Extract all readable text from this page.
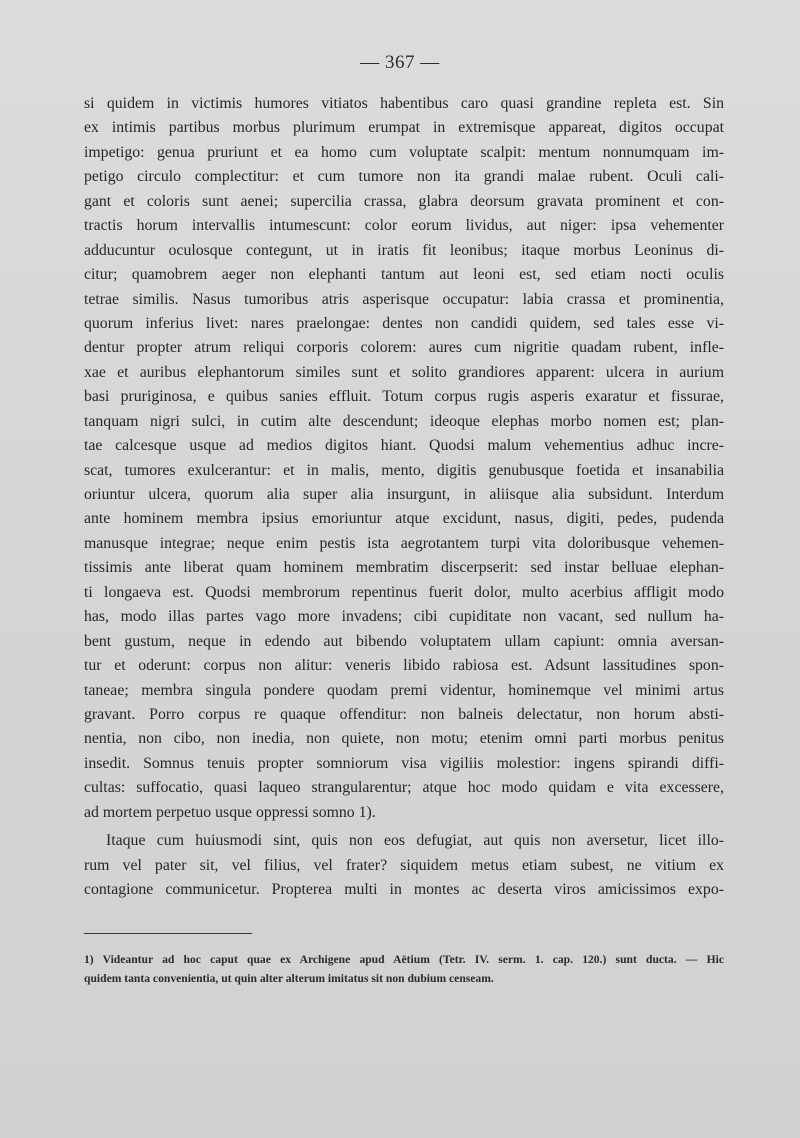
— 367 —
si quidem in victimis humores vitiatos habentibus caro quasi grandine repleta est. Sin
ex intimis partibus morbus plurimum erumpat in extremisque appareat, digitos occupat
impetigo: genua pruriunt et ea homo cum voluptate scalpit: mentum nonnumquam im-
petigo circulo complectitur: et cum tumore non ita grandi malae rubent. Oculi cali-
gant et coloris sunt aenei; supercilia crassa, glabra deorsum gravata prominent et con-
tractis horum intervallis intumescunt: color eorum lividus, aut niger: ipsa vehementer
adducuntur oculosque contegunt, ut in iratis fit leonibus; itaque morbus Leoninus di-
citur; quamobrem aeger non elephanti tantum aut leoni est, sed etiam nocti oculis
tetrae similis. Nasus tumoribus atris asperisque occupatur: labia crassa et prominentia,
quorum inferius livet: nares praelongae: dentes non candidi quidem, sed tales esse vi-
dentur propter atrum reliqui corporis colorem: aures cum nigritie quadam rubent, infle-
xae et auribus elephantorum similes sunt et solito grandiores apparent: ulcera in aurium
basi pruriginosa, e quibus sanies effluit. Totum corpus rugis asperis exaratur et fissurae,
tanquam nigri sulci, in cutim alte descendunt; ideoque elephas morbo nomen est; plan-
tae calcesque usque ad medios digitos hiant. Quodsi malum vehementius adhuc incre-
scat, tumores exulcerantur: et in malis, mento, digitis genubusque foetida et insanabilia
oriuntur ulcera, quorum alia super alia insurgunt, in aliisque alia subsidunt. Interdum
ante hominem membra ipsius emoriuntur atque excidunt, nasus, digiti, pedes, pudenda
manusque integrae; neque enim pestis ista aegrotantem turpi vita doloribusque vehemen-
tissimis ante liberat quam hominem membratim discerpserit: sed instar belluae elephan-
ti longaeva est. Quodsi membrorum repentinus fuerit dolor, multo acerbius affligit modo
has, modo illas partes vago more invadens; cibi cupiditate non vacant, sed nullum ha-
bent gustum, neque in edendo aut bibendo voluptatem ullam capiunt: omnia aversan-
tur et oderunt: corpus non alitur: veneris libido rabiosa est. Adsunt lassitudines spon-
taneae; membra singula pondere quodam premi videntur, hominemque vel minimi artus
gravant. Porro corpus re quaque offenditur: non balneis delectatur, non horum absti-
nentia, non cibo, non inedia, non quiete, non motu; etenim omni parti morbus penitus
insedit. Somnus tenuis propter somniorum visa vigiliis molestior: ingens spirandi diffi-
cultas: suffocatio, quasi laqueo strangularentur; atque hoc modo quidam e vita excessere,
ad mortem perpetuo usque oppressi somno 1).
Itaque cum huiusmodi sint, quis non eos defugiat, aut quis non aversetur, licet illo-
rum vel pater sit, vel filius, vel frater? siquidem metus etiam subest, ne vitium ex
contagione communicetur. Propterea multi in montes ac deserta viros amicissimos expo-
1) Videantur ad hoc caput quae ex Archigene apud Aëtium (Tetr. IV. serm. 1. cap. 120.) sunt ducta. — Hic
quidem tanta convenientia, ut quin alter alterum imitatus sit non dubium censeam.
